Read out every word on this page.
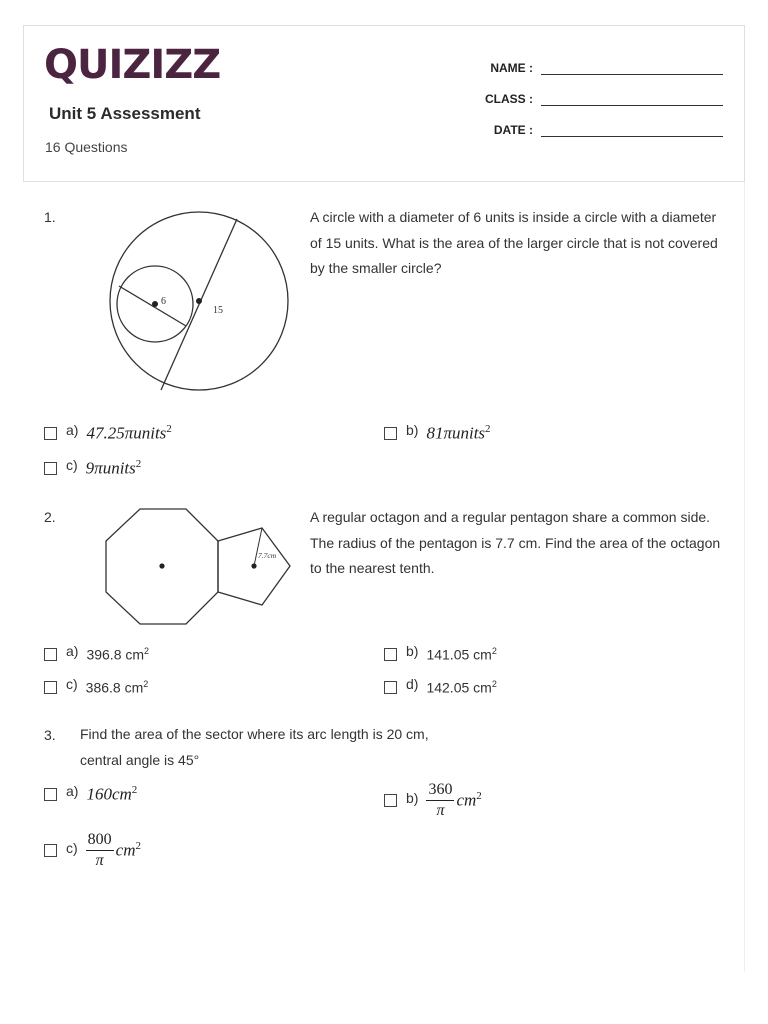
QUIZIZZ
Unit 5 Assessment
16 Questions
NAME :
CLASS :
DATE :
1.
6
15
A circle with a diameter of 6 units is inside a circle with a diameter of 15 units. What is the area of the larger circle that is not covered by the smaller circle?
a) 47.25πunits$^2$	b) 81πunits$^2$
c) 9πunits$^2$
2.
7.7cm
A regular octagon and a regular pentagon share a common side. The radius of the pentagon is 7.7 cm. Find the area of the octagon to the nearest tenth.
a) 396.8 $cm^2$	b) 141.05 $cm^2$
c) 386.8 $cm^2$	d) 142.05 $cm^2$
3. Find the area of the sector where its arc length is 20 cm,
central angle is 45°
a) $160cm^2$	$b) \frac{360}{\pi} cm^2$
$c) \frac{800}{\pi} cm^2$
